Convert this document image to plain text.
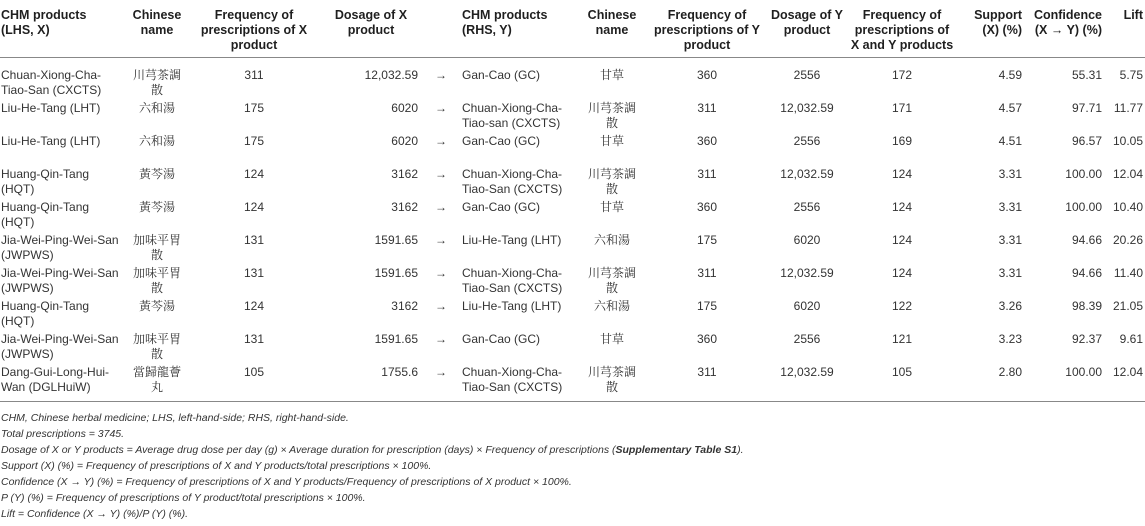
CHM products (LHS, X)	Chinese name	Frequency of prescriptions of X product	Dosage of X product		CHM products (RHS, Y)	Chinese name	Frequency of prescriptions of Y product	Dosage of Y product	Frequency of prescriptions of X and Y products	Support (X) (%)	Confidence (X → Y) (%)	Lift
Chuan-Xiong-Cha-Tiao-San (CXCTS)	川芎茶調散	311	12,032.59	→	Gan-Cao (GC)	甘草	360	2556	172	4.59	55.31	5.75
Liu-He-Tang (LHT)	六和湯	175	6020	→	Chuan-Xiong-Cha-Tiao-san (CXCTS)	川芎茶調散	311	12,032.59	171	4.57	97.71	11.77
Liu-He-Tang (LHT)	六和湯	175	6020	→	Gan-Cao (GC)	甘草	360	2556	169	4.51	96.57	10.05
Huang-Qin-Tang (HQT)	黃芩湯	124	3162	→	Chuan-Xiong-Cha-Tiao-San (CXCTS)	川芎茶調散	311	12,032.59	124	3.31	100.00	12.04
Huang-Qin-Tang (HQT)	黃芩湯	124	3162	→	Gan-Cao (GC)	甘草	360	2556	124	3.31	100.00	10.40
Jia-Wei-Ping-Wei-San (JWPWS)	加味平胃散	131	1591.65	→	Liu-He-Tang (LHT)	六和湯	175	6020	124	3.31	94.66	20.26
Jia-Wei-Ping-Wei-San (JWPWS)	加味平胃散	131	1591.65	→	Chuan-Xiong-Cha-Tiao-San (CXCTS)	川芎茶調散	311	12,032.59	124	3.31	94.66	11.40
Huang-Qin-Tang (HQT)	黃芩湯	124	3162	→	Liu-He-Tang (LHT)	六和湯	175	6020	122	3.26	98.39	21.05
Jia-Wei-Ping-Wei-San (JWPWS)	加味平胃散	131	1591.65	→	Gan-Cao (GC)	甘草	360	2556	121	3.23	92.37	9.61
Dang-Gui-Long-Hui-Wan (DGLHuiW)	當歸龍薈丸	105	1755.6	→	Chuan-Xiong-Cha-Tiao-San (CXCTS)	川芎茶調散	311	12,032.59	105	2.80	100.00	12.04
CHM, Chinese herbal medicine; LHS, left-hand-side; RHS, right-hand-side.
Total prescriptions = 3745.
Dosage of X or Y products = Average drug dose per day (g) × Average duration for prescription (days) × Frequency of prescriptions (Supplementary Table S1).
Support (X) (%) = Frequency of prescriptions of X and Y products/total prescriptions × 100%.
Confidence (X → Y) (%) = Frequency of prescriptions of X and Y products/Frequency of prescriptions of X product × 100%.
P (Y) (%) = Frequency of prescriptions of Y product/total prescriptions × 100%.
Lift = Confidence (X → Y) (%)/P (Y) (%).
